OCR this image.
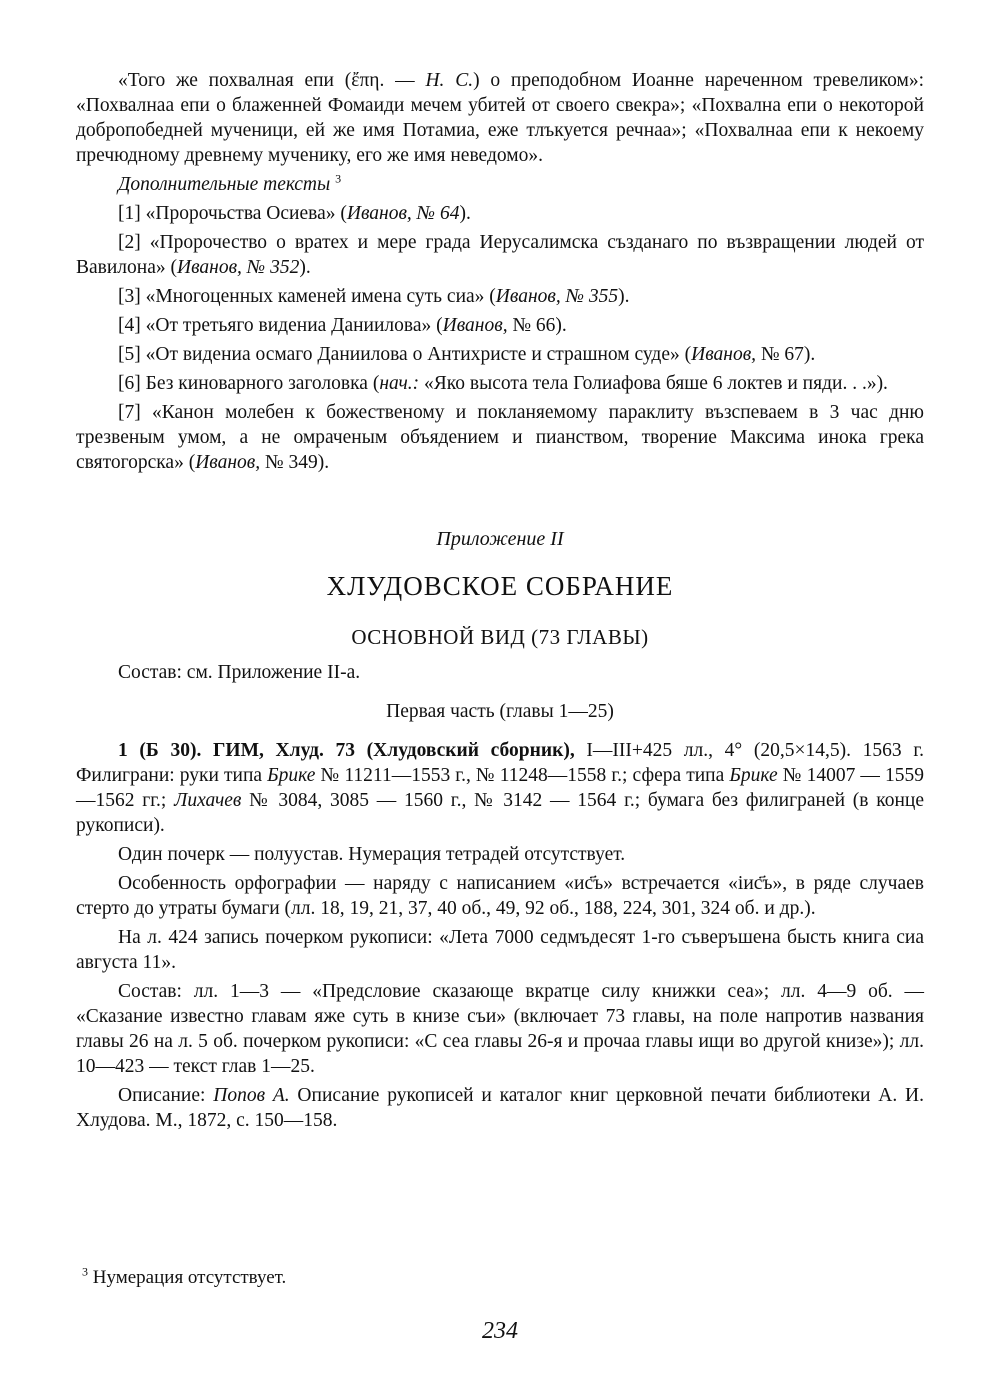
«Того же похвалная епи (ἔπη. — Н. С.) о преподобном Иоанне нареченном тревеликом»: «Похвалнаа епи о блаженней Фомаиди мечем убитей от своего свекра»; «Похвална епи о некоторой добропобедней мученици, ей же имя Потамиа, еже тлъкуется речнаа»; «Похвалнаа епи к некоему пречюдному древнему мученику, его же имя неведомо».

Дополнительные тексты $^3$

[1] «Пророчьства Осиева» (Иванов, № 64).

[2] «Пророчество о вратех и мере града Иерусалимска създанаго по възвращении людей от Вавилона» (Иванов, № 352).

[3] «Многоценных каменей имена суть сиа» (Иванов, № 355).

[4] «От третьяго видениа Даниилова» (Иванов, № 66).

[5] «От видениа осмаго Даниилова о Антихристе и страшном суде» (Иванов, № 67).

[6] Без киноварного заголовка (нач.: «Яко высота тела Голиафова бяше 6 локтев и пяди. . .»).

[7] «Канон молебен к божественому и покланяемому параклиту възспеваем в 3 час дню трезвеным умом, а не омраченым объядением и пианством, творение Максима инока грека святогорска» (Иванов, № 349).

Приложение II

ХЛУДОВСКОЕ СОБРАНИЕ

ОСНОВНОЙ ВИД (73 ГЛАВЫ)

Состав: см. Приложение II-а.

Первая часть (главы 1—25)

1 (Б 30). ГИМ, Хлуд. 73 (Хлудовский сборник), I—III+425 лл., 4° (20,5×14,5). 1563 г. Филиграни: руки типа Брике № 11211—1553 г., № 11248—1558 г.; сфера типа Брике № 14007 — 1559—1562 гг.; Лихачев № 3084, 3085 — 1560 г., № 3142 — 1564 г.; бумага без филиграней (в конце рукописи).

Один почерк — полуустав. Нумерация тетрадей отсутствует.

Особенность орфографии — наряду с написанием «ис҃ъ» встречается «іис҃ъ», в ряде случаев стерто до утраты бумаги (лл. 18, 19, 21, 37, 40 об., 49, 92 об., 188, 224, 301, 324 об. и др.).

На л. 424 запись почерком рукописи: «Лета 7000 седмъдесят 1-го съверъшена бысть книга сиа августа 11».

Состав: лл. 1—3 — «Предсловие сказающе вкратце силу книжки сеа»; лл. 4—9 об. — «Сказание известно главам яже суть в книзе съи» (включает 73 главы, на поле напротив названия главы 26 на л. 5 об. почерком рукописи: «С сеа главы 26-я и прочаа главы ищи во другой книзе»); лл. 10—423 — текст глав 1—25.

Описание: Попов А. Описание рукописей и каталог книг церковной печати библиотеки А. И. Хлудова. М., 1872, с. 150—158.

$^3$ Нумерация отсутствует.
234
